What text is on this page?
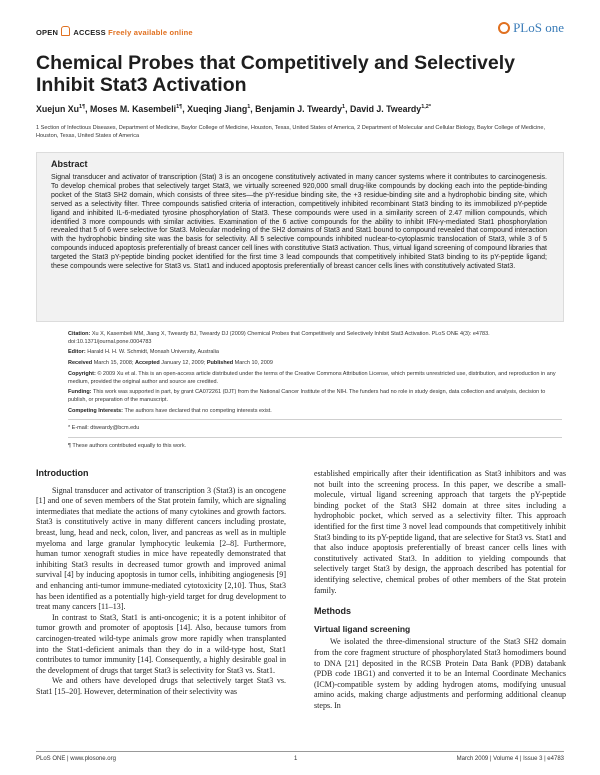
OPEN ACCESS Freely available online	PLoS one
Chemical Probes that Competitively and Selectively Inhibit Stat3 Activation
Xuejun $Xu^{1\P}$, Moses M. Kasembeli$^{1\P}$, Xueqing Jiang$^1$, Benjamin J. Tweardy$^1$, David J. Tweardy$^{1,2*}$
1 Section of Infectious Diseases, Department of Medicine, Baylor College of Medicine, Houston, Texas, United States of America, 2 Department of Molecular and Cellular Biology, Baylor College of Medicine, Houston, Texas, United States of America
Abstract

Signal transducer and activator of transcription (Stat) 3 is an oncogene constitutively activated in many cancer systems where it contributes to carcinogenesis. To develop chemical probes that selectively target Stat3, we virtually screened 920,000 small drug-like compounds by docking each into the peptide-binding pocket of the Stat3 SH2 domain, which consists of three sites—the pY-residue binding site, the +3 residue-binding site and a hydrophobic binding site, which served as a selectivity filter. Three compounds satisfied criteria of interaction, competitively inhibited recombinant Stat3 binding to its immobilized pY-peptide ligand and inhibited IL-6-mediated tyrosine phosphorylation of Stat3. These compounds were used in a similarity screen of 2.47 million compounds, which identified 3 more compounds with similar activities. Examination of the 6 active compounds for the ability to inhibit IFN-γ-mediated Stat1 phosphorylation revealed that 5 of 6 were selective for Stat3. Molecular modeling of the SH2 domains of Stat3 and Stat1 bound to compound revealed that compound interaction with the hydrophobic binding site was the basis for selectivity. All 5 selective compounds inhibited nuclear-to-cytoplasmic translocation of Stat3, while 3 of 5 compounds induced apoptosis preferentially of breast cancer cell lines with constitutive Stat3 activation. Thus, virtual ligand screening of compound libraries that targeted the Stat3 pY-peptide binding pocket identified for the first time 3 lead compounds that competitively inhibited Stat3 binding to its pY-peptide ligand; these compounds were selective for Stat3 vs. Stat1 and induced apoptosis preferentially of breast cancer cells lines with constitutively activated Stat3.

Citation: Xu X, Kasembeli MM, Jiang X, Tweardy BJ, Tweardy DJ (2009) Chemical Probes that Competitively and Selectively Inhibit Stat3 Activation. PLoS ONE 4(3): e4783. doi:10.1371/journal.pone.0004783

Editor: Harald H. H. W. Schmidt, Monash University, Australia

Received March 15, 2008; Accepted January 12, 2009; Published March 10, 2009

Copyright: © 2009 Xu et al. This is an open-access article distributed under the terms of the Creative Commons Attribution License, which permits unrestricted use, distribution, and reproduction in any medium, provided the original author and source are credited.

Funding: This work was supported in part, by grant CA072261 (DJT) from the National Cancer Institute of the NIH. The funders had no role in study design, data collection and analysis, decision to publish, or preparation of the manuscript.

Competing Interests: The authors have declared that no competing interests exist.

* E-mail: dtweardy@bcm.edu

¶ These authors contributed equally to this work.

Introduction

Signal transducer and activator of transcription 3 (Stat3) is an oncogene [1] and one of seven members of the Stat protein family, which are signaling intermediates that mediate the actions of many cytokines and growth factors. Stat3 is constitutively active in many different cancers including prostate, breast, lung, head and neck, colon, liver, and pancreas as well as in multiple myeloma and large granular lymphocytic leukemia [2–8]. Furthermore, human tumor xenograft studies in mice have repeatedly demonstrated that inhibiting Stat3 results in decreased tumor growth and improved animal survival [4] by inducing apoptosis in tumor cells, inhibiting angiogenesis [9] and enhancing anti-tumor immune-mediated cytotoxicity [2,10]. Thus, Stat3 has been identified as a potentially high-yield target for drug development to treat many cancers [11–13].

In contrast to Stat3, Stat1 is anti-oncogenic; it is a potent inhibitor of tumor growth and promoter of apoptosis [14]. Also, because tumors from carcinogen-treated wild-type animals grow more rapidly when transplanted into the Stat1-deficient animals than they do in a wild-type host, Stat1 contributes to tumor immunity [14]. Consequently, a highly desirable goal in the development of drugs that target Stat3 is selectivity for Stat3 vs. Stat1.

We and others have developed drugs that selectively target Stat3 vs. Stat1 [15–20]. However, determination of their selectivity was

established empirically after their identification as Stat3 inhibitors and was not built into the screening process. In this paper, we describe a small-molecule, virtual ligand screening approach that targets the pY-peptide binding pocket of the Stat3 SH2 domain at three sites including a hydrophobic pocket, which served as a selectivity filter. This approach identified for the first time 3 novel lead compounds that competitively inhibit Stat3 binding to its pY-peptide ligand, that are selective for Stat3 vs. Stat1 and that also induce apoptosis preferentially of breast cancer cells lines with constitutively activated Stat3. In addition to yielding compounds that selectively target Stat3 by design, the approach described has potential for identifying selective, chemical probes of other members of the Stat protein family.

Methods
Virtual ligand screening

We isolated the three-dimensional structure of the Stat3 SH2 domain from the core fragment structure of phosphorylated Stat3 homodimers bound to DNA [21] deposited in the RCSB Protein Data Bank (PDB) databank (PDB code 1BG1) and converted it to be an Internal Coordinate Mechanics (ICM)-compatible system by adding hydrogen atoms, modifying unusual amino acids, making charge adjustments and performing additional cleanup steps. In

PLoS ONE | www.plosone.org	1	March 2009 | Volume 4 | Issue 3 | e4783
